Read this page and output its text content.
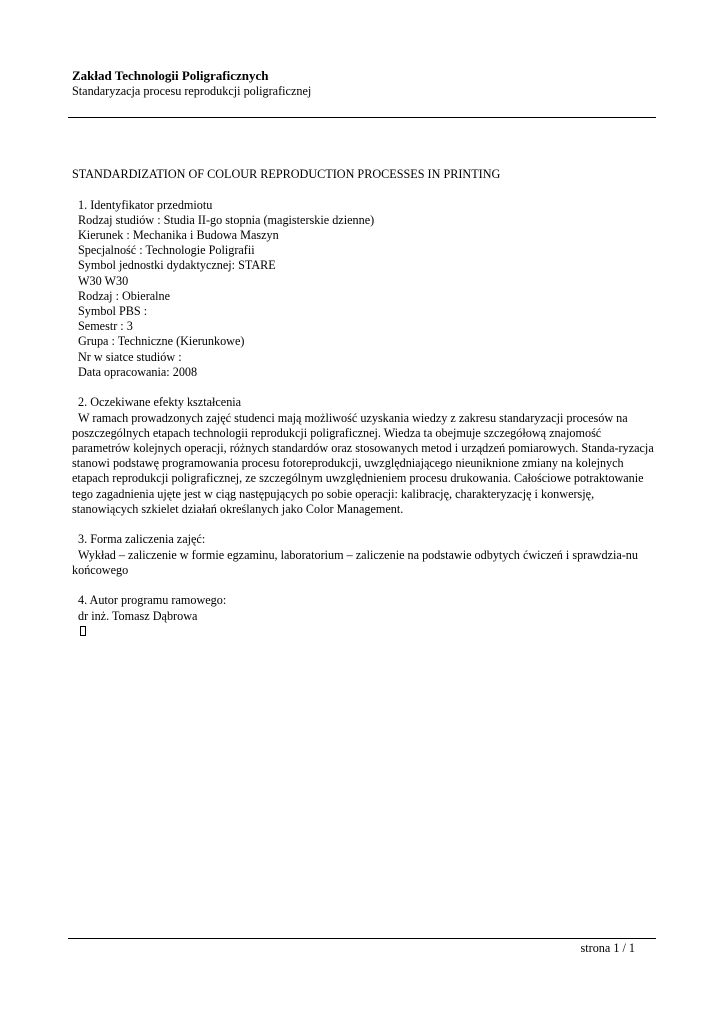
Zakład Technologii Poligraficznych
Standaryzacja procesu reprodukcji poligraficznej
STANDARDIZATION OF COLOUR REPRODUCTION PROCESSES IN PRINTING
1. Identyfikator przedmiotu
Rodzaj studiów : Studia II-go stopnia (magisterskie dzienne)
Kierunek : Mechanika i Budowa Maszyn
Specjalność : Technologie Poligrafii
Symbol jednostki dydaktycznej: STARE
W30 W30
Rodzaj : Obieralne
Symbol PBS :
Semestr : 3
Grupa : Techniczne (Kierunkowe)
Nr w siatce studiów :
Data opracowania: 2008
2. Oczekiwane efekty kształcenia
W ramach prowadzonych zajęć studenci mają możliwość uzyskania wiedzy z zakresu standaryzacji procesów na
poszczególnych etapach technologii reprodukcji poligraficznej. Wiedza ta obejmuje szczegółową znajomość
parametrów kolejnych operacji, różnych standardów oraz stosowanych metod i urządzeń pomiarowych. Standa-ryzacja
stanowi podstawę programowania procesu fotoreprodukcji, uwzględniającego nieuniknione zmiany na kolejnych
etapach reprodukcji poligraficznej, ze szczególnym uwzględnieniem procesu drukowania. Całościowe potraktowanie
tego zagadnienia ujęte jest w ciąg następujących po sobie operacji: kalibrację, charakteryzację i konwersję,
stanowiących szkielet działań określanych jako Color Management.
3. Forma zaliczenia zajęć:
Wykład – zaliczenie w formie egzaminu, laboratorium – zaliczenie na podstawie odbytych ćwiczeń i sprawdzia-nu
końcowego
4. Autor programu ramowego:
dr inż. Tomasz Dąbrowa
strona 1 / 1
